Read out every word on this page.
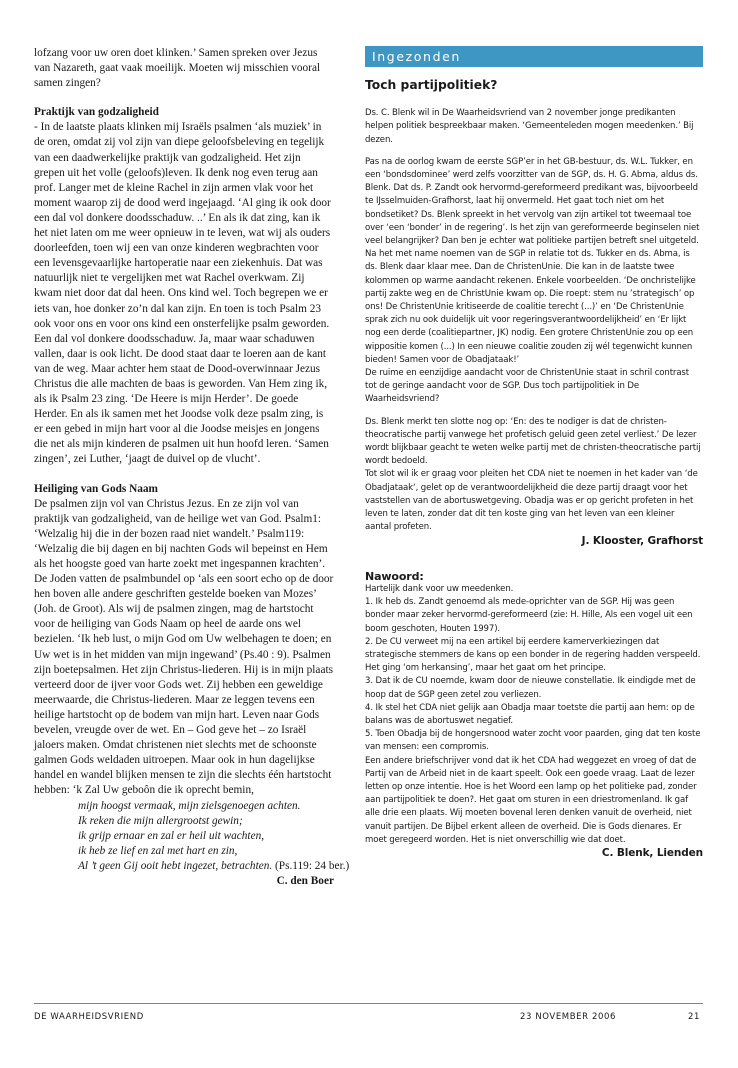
lofzang voor uw oren doet klinken.’ Samen spreken over Jezus van Nazareth, gaat vaak moeilijk. Moeten wij misschien vooral samen zingen?

Praktijk van godzaligheid

- In de laatste plaats klinken mij Israëls psalmen ‘als muziek’ in de oren, omdat zij vol zijn van diepe geloofsbeleving en tegelijk van een daadwerkelijke praktijk van godzaligheid. Het zijn grepen uit het volle (geloofs)leven. Ik denk nog even terug aan prof. Langer met de kleine Rachel in zijn armen vlak voor het moment waarop zij de dood werd ingejaagd. ‘Al ging ik ook door een dal vol donkere doodsschaduw. ..’ En als ik dat zing, kan ik het niet laten om me weer opnieuw in te leven, wat wij als ouders doorleefden, toen wij een van onze kinderen wegbrachten voor een levensgevaarlijke hartoperatie naar een ziekenhuis. Dat was natuurlijk niet te vergelijken met wat Rachel overkwam. Zij kwam niet door dat dal heen. Ons kind wel. Toch begrepen we er iets van, hoe donker zo’n dal kan zijn. En toen is toch Psalm 23 ook voor ons en voor ons kind een onsterfelijke psalm geworden. Een dal vol donkere doodsschaduw. Ja, maar waar schaduwen vallen, daar is ook licht. De dood staat daar te loeren aan de kant van de weg. Maar achter hem staat de Dood-overwinnaar Jezus Christus die alle machten de baas is geworden. Van Hem zing ik, als ik Psalm 23 zing. ‘De Heere is mijn Herder’. De goede Herder. En als ik samen met het Joodse volk deze psalm zing, is er een gebed in mijn hart voor al die Joodse meisjes en jongens die net als mijn kinderen de psalmen uit hun hoofd leren. ‘Samen zingen’, zei Luther, ‘jaagt de duivel op de vlucht’.

Heiliging van Gods Naam

De psalmen zijn vol van Christus Jezus. En ze zijn vol van praktijk van godzaligheid, van de heilige wet van God. Psalm1: ‘Welzalig hij die in der bozen raad niet wandelt.’ Psalm119: ‘Welzalig die bij dagen en bij nachten Gods wil bepeinst en Hem als het hoogste goed van harte zoekt met ingespannen krachten’. De Joden vatten de psalmbundel op ‘als een soort echo op de door hen boven alle andere geschriften gestelde boeken van Mozes’ (Joh. de Groot). Als wij de psalmen zingen, mag de hartstocht voor de heiliging van Gods Naam op heel de aarde ons wel bezielen. ‘Ik heb lust, o mijn God om Uw welbehagen te doen; en Uw wet is in het midden van mijn ingewand’ (Ps.40 : 9). Psalmen zijn boetepsalmen. Het zijn Christus-liederen. Hij is in mijn plaats verteerd door de ijver voor Gods wet. Zij hebben een geweldige meerwaarde, die Christus-liederen. Maar ze leggen tevens een heilige hartstocht op de bodem van mijn hart. Leven naar Gods bevelen, vreugde over de wet. En – God geve het – zo Israël jaloers maken. Omdat christenen niet slechts met de schoonste galmen Gods weldaden uitroepen. Maar ook in hun dagelijkse handel en wandel blijken mensen te zijn die slechts één hartstocht hebben: ‘k Zal Uw geboôn die ik oprecht bemin,

mijn hoogst vermaak, mijn zielsgenoegen achten.
Ik reken die mijn allergrootst gewin;
ik grijp ernaar en zal er heil uit wachten,
ik heb ze lief en zal met hart en zin,
Al ’t geen Gij ooit hebt ingezet, betrachten. (Ps.119: 24 ber.)

C. den Boer

Ingezonden
Toch partijpolitiek?

Ds. C. Blenk wil in De Waarheidsvriend van 2 november jonge predikanten helpen politiek bespreekbaar maken. ‘Gemeenteleden mogen meedenken.’ Bij dezen.

Pas na de oorlog kwam de eerste SGP’er in het GB-bestuur, ds. W.L. Tukker, en een ‘bondsdominee’ werd zelfs voorzitter van de SGP, ds. H. G. Abma, aldus ds. Blenk. Dat ds. P. Zandt ook hervormd-gereformeerd predikant was, bijvoorbeeld te IJsselmuiden-Grafhorst, laat hij onvermeld. Het gaat toch niet om het bondsetiket? Ds. Blenk spreekt in het vervolg van zijn artikel tot tweemaal toe over ‘een ‘bonder’ in de regering’. Is het zijn van gereformeerde beginselen niet veel belangrijker? Dan ben je echter wat politieke partijen betreft snel uitgeteld.

Na het met name noemen van de SGP in relatie tot ds. Tukker en ds. Abma, is ds. Blenk daar klaar mee. Dan de ChristenUnie. Die kan in de laatste twee kolommen op warme aandacht rekenen. Enkele voorbeelden. ‘De onchristelijke partij zakte weg en de ChristUnie kwam op. Die roept: stem nu ’strategisch’ op ons! De ChristenUnie kritiseerde de coalitie terecht (...)’ en ‘De ChristenUnie sprak zich nu ook duidelijk uit voor regeringsverantwoordelijkheid’ en ‘Er lijkt nog een derde (coalitiepartner, JK) nodig. Een grotere ChristenUnie zou op een wippositie komen (...) In een nieuwe coalitie zouden zij wél tegenwicht kunnen bieden! Samen voor de Obadjataak!’

De ruime en eenzijdige aandacht voor de ChristenUnie staat in schril contrast tot de geringe aandacht voor de SGP. Dus toch partijpolitiek in De Waarheidsvriend?

Ds. Blenk merkt ten slotte nog op: ‘En: des te nodiger is dat de christen-theocratische partij vanwege het profetisch geluid geen zetel verliest.’ De lezer wordt blijkbaar geacht te weten welke partij met de christen-theocratische partij wordt bedoeld.

Tot slot wil ik er graag voor pleiten het CDA niet te noemen in het kader van ‘de Obadjataak‘, gelet op de verantwoordelijkheid die deze partij draagt voor het vaststellen van de abortuswetgeving. Obadja was er op gericht profeten in het leven te laten, zonder dat dit ten koste ging van het leven van een kleiner aantal profeten.

J. Klooster, Grafhorst

Nawoord:

Hartelijk dank voor uw meedenken.

1. Ik heb ds. Zandt genoemd als mede-oprichter van de SGP. Hij was geen bonder maar zeker hervormd-gereformeerd (zie: H. Hille, Als een vogel uit een boom geschoten, Houten 1997).

2. De CU verweet mij na een artikel bij eerdere kamerverkiezingen dat strategische stemmers de kans op een bonder in de regering hadden verspeeld. Het ging ‘om herkansing’, maar het gaat om het principe.

3. Dat ik de CU noemde, kwam door de nieuwe constellatie. Ik eindigde met de hoop dat de SGP geen zetel zou verliezen.

4. Ik stel het CDA niet gelijk aan Obadja maar toetste die partij aan hem: op de balans was de abortuswet negatief.

5. Toen Obadja bij de hongersnood water zocht voor paarden, ging dat ten koste van mensen: een compromis.

Een andere briefschrijver vond dat ik het CDA had weggezet en vroeg of dat de Partij van de Arbeid niet in de kaart speelt. Ook een goede vraag. Laat de lezer letten op onze intentie. Hoe is het Woord een lamp op het politieke pad, zonder aan partijpolitiek te doen?. Het gaat om sturen in een driestromenland. Ik gaf alle drie een plaats. Wij moeten bovenal leren denken vanuit de overheid, niet vanuit partijen. De Bijbel erkent alleen de overheid. Die is Gods dienares. Er moet geregeerd worden. Het is niet onverschillig wie dat doet.

C. Blenk, Lienden

DE WAARHEIDSVRIEND	23 NOVEMBER 2006	21
